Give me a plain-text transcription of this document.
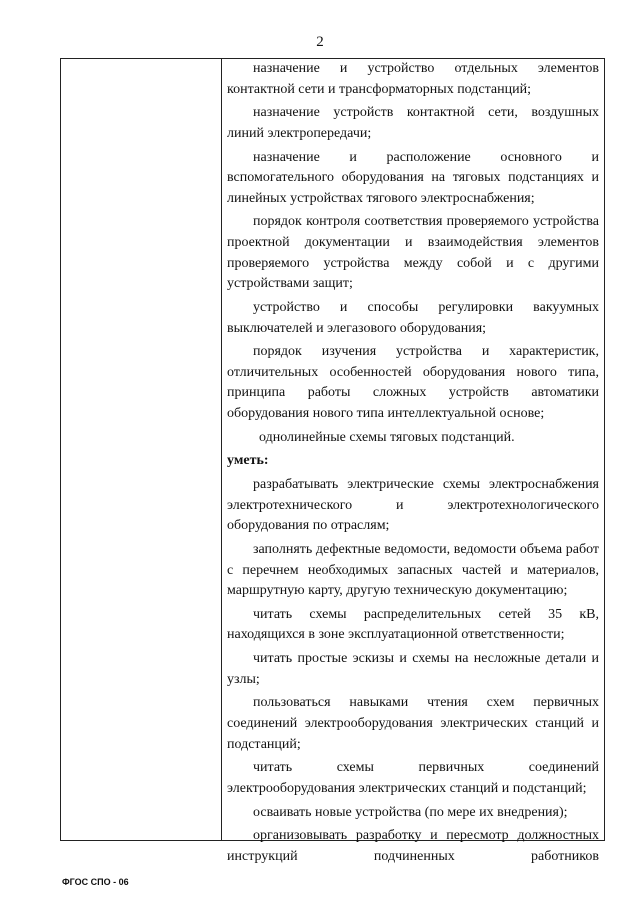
2

назначение и устройство отдельных элементов контактной сети и трансформаторных подстанций;

назначение устройств контактной сети, воздушных линий электропередачи;

назначение и расположение основного и вспомогательного оборудования на тяговых подстанциях и линейных устройствах тягового электроснабжения;

порядок контроля соответствия проверяемого устройства проектной документации и взаимодействия элементов проверяемого устройства между собой и с другими устройствами защит;

устройство и способы регулировки вакуумных выключателей и элегазового оборудования;

порядок изучения устройства и характеристик, отличительных особенностей оборудования нового типа, принципа работы сложных устройств автоматики оборудования нового типа интеллектуальной основе;

однолинейные схемы тяговых подстанций.

уметь:

разрабатывать электрические схемы электроснабжения электротехнического и электротехнологического оборудования по отраслям;

заполнять дефектные ведомости, ведомости объема работ с перечнем необходимых запасных частей и материалов, маршрутную карту, другую техническую документацию;

читать схемы распределительных сетей 35 кВ, находящихся в зоне эксплуатационной ответственности;

читать простые эскизы и схемы на несложные детали и узлы;

пользоваться навыками чтения схем первичных соединений электрооборудования электрических станций и подстанций;

читать схемы первичных соединений электрооборудования электрических станций и подстанций;

осваивать новые устройства (по мере их внедрения);

организовывать разработку и пересмотр должностных инструкций подчиненных работников

ФГОС СПО - 06
